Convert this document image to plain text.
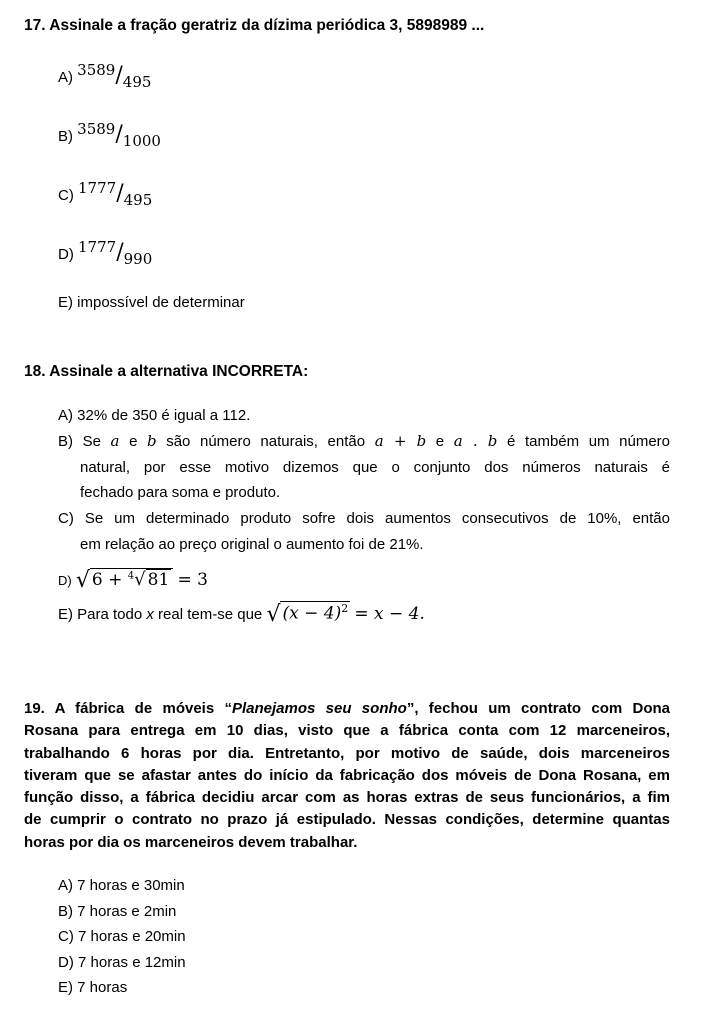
17. Assinale a fração geratriz da dízima periódica 3, 5898989 ...
A) 3589/495
B) 3589/1000
C) 1777/495
D) 1777/990
E) impossível de determinar
18. Assinale a alternativa INCORRETA:
A) 32% de 350 é igual a 112.
B) Se a e b são número naturais, então a + b e a . b é também um número
natural, por esse motivo dizemos que o conjunto dos números naturais é
fechado para soma e produto.
C) Se um determinado produto sofre dois aumentos consecutivos de 10%, então
em relação ao preço original o aumento foi de 21%.
D) √ 6 + $^4$√ 81 = 3
E) Para todo x real tem-se que √ $(x - 4)^2 = x - 4$.
19. A fábrica de móveis “Planejamos seu sonho”, fechou um contrato com Dona
Rosana para entrega em 10 dias, visto que a fábrica conta com 12 marceneiros,
trabalhando 6 horas por dia. Entretanto, por motivo de saúde, dois marceneiros
tiveram que se afastar antes do início da fabricação dos móveis de Dona Rosana, em
função disso, a fábrica decidiu arcar com as horas extras de seus funcionários, a fim
de cumprir o contrato no prazo já estipulado. Nessas condições, determine quantas
horas por dia os marceneiros devem trabalhar.
A) 7 horas e 30min
B) 7 horas e 2min
C) 7 horas e 20min
D) 7 horas e 12min
E) 7 horas
